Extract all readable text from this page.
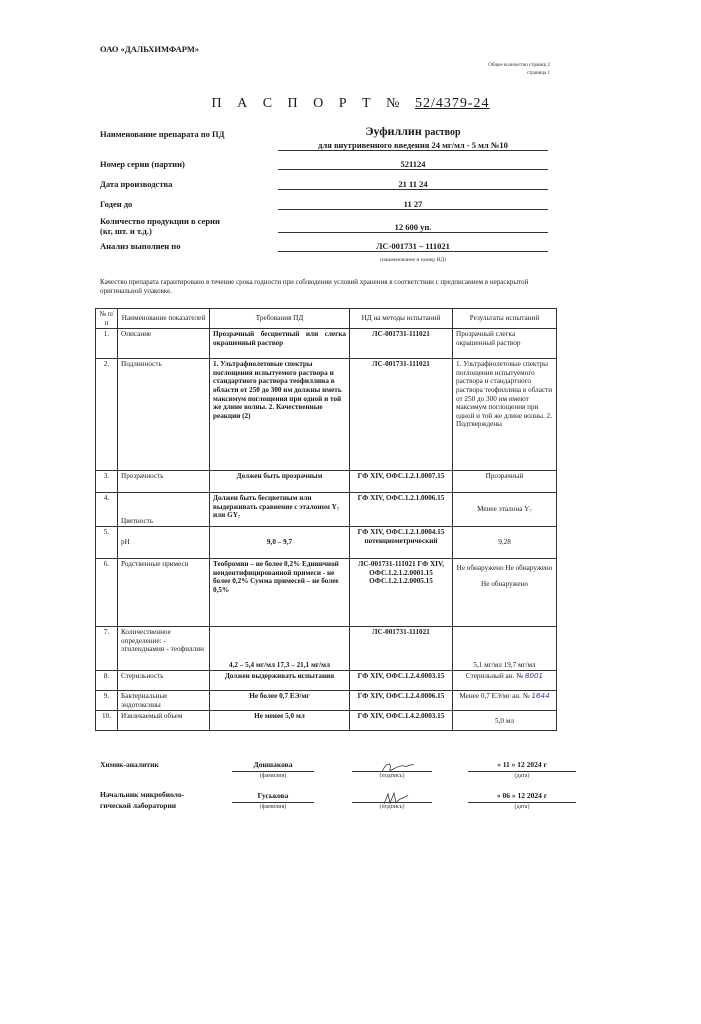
ОАО «ДАЛЬХИМФАРМ»
Общее количество страниц 2
страница 1
П А С П О Р Т № 52/4379-24
Наименование препарата по ПД	Эуфиллин раствор
для внутривенного введения 24 мг/мл - 5 мл №10
Номер серии (партии)	521124
Дата производства	21 11 24
Годен до	11 27
Количество продукции в серии
(кг, шт. и т.д.)	12 600 уп.
Анализ выполнен по	ЛС-001731 – 111021
(наименование и номер НД)
Качество препарата гарантировано в течение срока годности при соблюдении условий хранения в соответствии с предписанием в нераскрытой оригинальной упаковке.
№ п/п	Наименование показателей	Требования ПД	НД на методы испытаний	Результаты испытаний
1.	Описание	Прозрачный бесцветный или слегка окрашенный раствор	ЛС-001731-111021	Прозрачный слегка окрашенный раствор
2.	Подлинность	1. Ультрафиолетовые спектры поглощения испытуемого раствора и стандартного раствора теофиллина в области от 250 до 300 нм должны иметь максимум поглощения при одной и той же длине волны. 2. Качественные реакции (2)	ЛС-001731-111021	1. Ультрафиолетовые спектры поглощения испытуемого раствора и стандартного раствора теофиллина в области от 250 до 300 нм имеют максимум поглощения при одной и той же длине волны. 2. Подтверждены
3.	Прозрачность	Должен быть прозрачным	ГФ XIV, ОФС.1.2.1.0007.15	Прозрачный
4.	Цветность	Должен быть бесцветным или выдерживать сравнение с эталоном Y₇ или GY₇	ГФ XIV, ОФС.1.2.1.0006.15	Менее эталона Y₇
5.	pH	9,0 – 9,7	ГФ XIV, ОФС.1.2.1.0004.15 потенциометрический	9,28
6.	Родственные примеси	Теобромин – не более 0,2% Единичной неидентифицированной примеси - не более 0,2% Сумма примесей – не более 0,5%	ЛС-001731-111021 ГФ XIV, ОФС.1.2.1.2.0001.15 ОФС.1.2.1.2.0005.15	Не обнаружено Не обнаружено Не обнаружено
7.	Количественное определение: - этилендиамин - теофиллин	4,2 – 5,4 мг/мл 17,3 – 21,1 мг/мл	ЛС-001731-111021	5,1 мг/мл 19,7 мг/мл
8.	Стерильность	Должен выдерживать испытания	ГФ XIV, ОФС.1.2.4.0003.15	Стерильный ан. № 8001
9.	Бактериальные эндотоксины	Не более 0,7 ЕЭ/мг	ГФ XIV, ОФС.1.2.4.0006.15	Менее 0,7 ЕЭ/мг ан. № 1644
10.	Извлекаемый объем	Не менее 5,0 мл	ГФ XIV, ОФС.1.4.2.0003.15	5,0 мл
Химик-аналитик	Доншакова
(фамилия)	(подпись)
« 11 » 12 2024 г
(дата)
Начальник микробиоло-
гической лаборатории
Гуськова
(фамилия)	(подпись)
« 06 » 12 2024 г
(дата)
